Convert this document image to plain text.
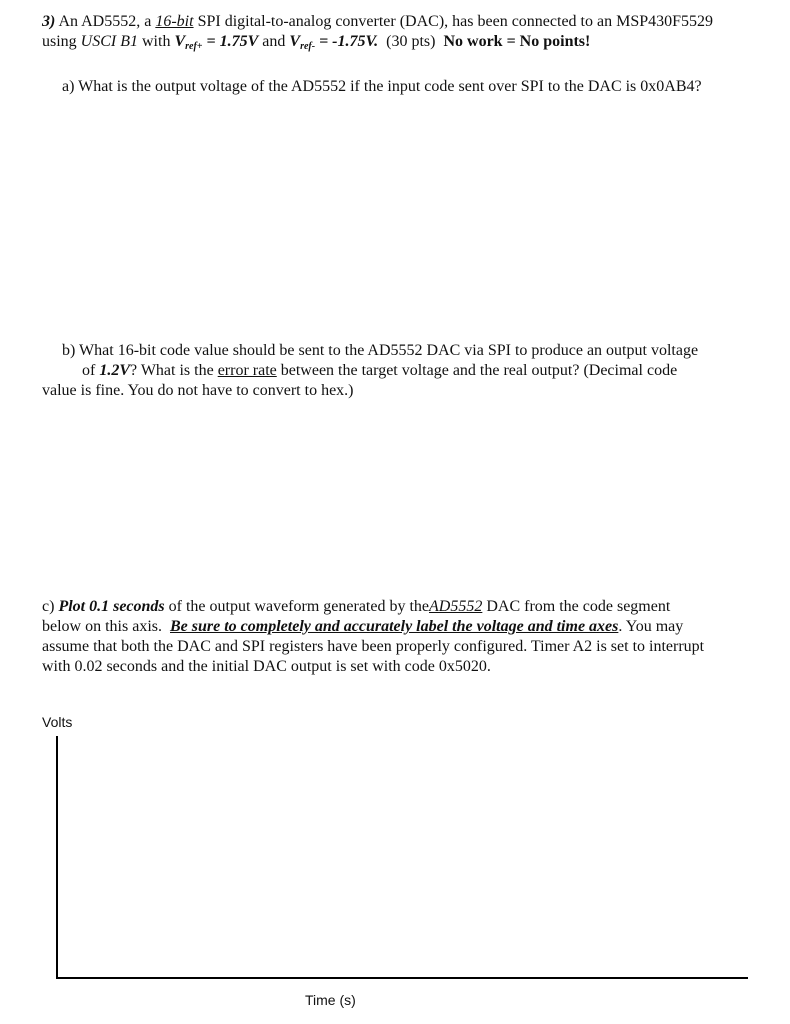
3) An AD5552, a 16-bit SPI digital-to-analog converter (DAC), has been connected to an MSP430F5529
using USCI B1 with $V_{ref+} = 1.75V$ and $V_{ref-} = -1.75V$. (30 pts) No work = No points!
a) What is the output voltage of the AD5552 if the input code sent over SPI to the DAC is 0x0AB4?
b) What 16-bit code value should be sent to the AD5552 DAC via SPI to produce an output voltage
of 1.2V? What is the error rate between the target voltage and the real output? (Decimal code
value is fine. You do not have to convert to hex.)
c) Plot 0.1 seconds of the output waveform generated by theAD5552 DAC from the code segment
below on this axis. Be sure to completely and accurately label the voltage and time axes. You may
assume that both the DAC and SPI registers have been properly configured. Timer A2 is set to interrupt
with 0.02 seconds and the initial DAC output is set with code 0x5020.
Volts
Time (s)
